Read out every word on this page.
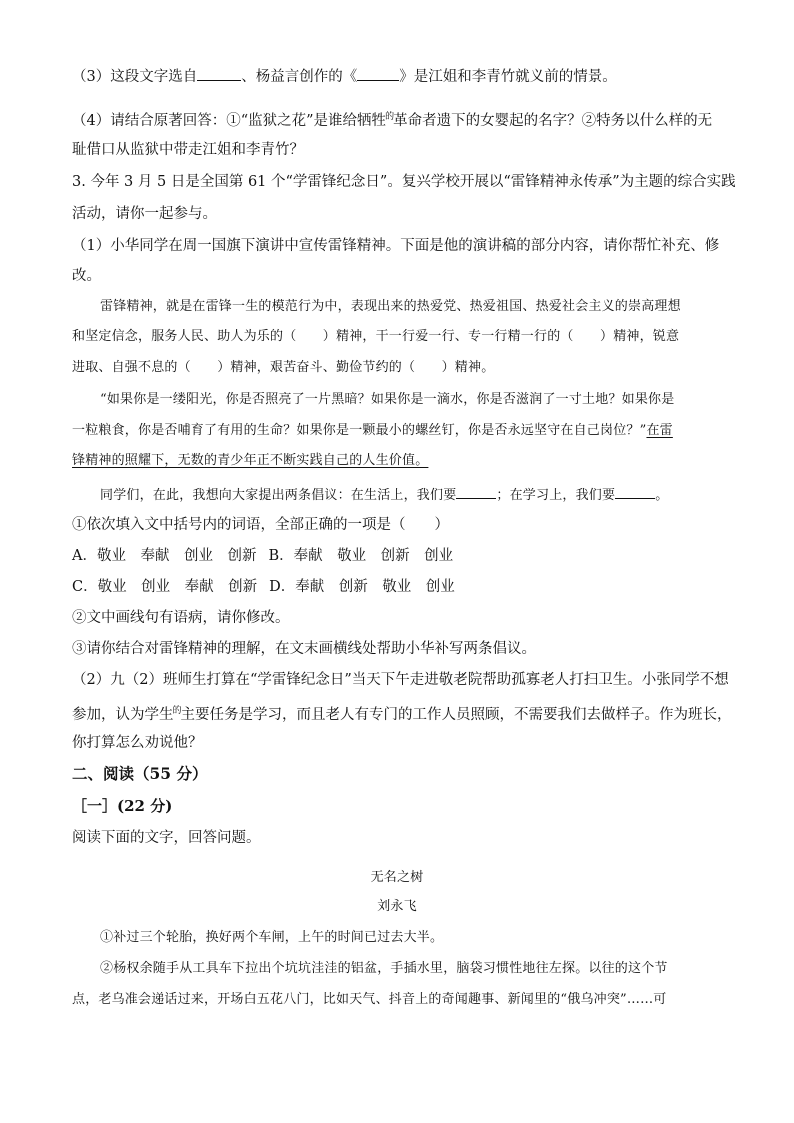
（3）这段文字选自	、杨益言创作的《	》是江姐和李青竹就义前的情景。
（4）请结合原著回答：①“监狱之花”是谁给牺牲$^的$革命者遗下的女婴起的名字？②特务以什么样的无
耻借口从监狱中带走江姐和李青竹？
3. 今年 3 月 5 日是全国第 61 个“学雷锋纪念日”。复兴学校开展以“雷锋精神永传承”为主题的综合实践
活动，请你一起参与。
（1）小华同学在周一国旗下演讲中宣传雷锋精神。下面是他的演讲稿的部分内容，请你帮忙补充、修
改。
雷锋精神，就是在雷锋一生的模范行为中，表现出来的热爱党、热爱祖国、热爱社会主义的崇高理想
和坚定信念，服务人民、助人为乐的（　　）精神，干一行爱一行、专一行精一行的（　　）精神，锐意
进取、自强不息的（　　）精神，艰苦奋斗、勤俭节约的（　　）精神。
“如果你是一缕阳光，你是否照亮了一片黑暗？如果你是一滴水，你是否滋润了一寸土地？如果你是
一粒粮食，你是否哺育了有用的生命？如果你是一颗最小的螺丝钉，你是否永远坚守在自己岗位？”在雷
锋精神的照耀下，无数的青少年正不断实践自己的人生价值。
同学们，在此，我想向大家提出两条倡议：在生活上，我们要	；在学习上，我们要	。
①依次填入文中括号内的词语，全部正确的一项是（　　）
A．敬业　奉献　创业　创新 B．奉献　敬业　创新　创业
C．敬业　创业　奉献　创新 D．奉献　创新　敬业　创业
②文中画线句有语病，请你修改。
③请你结合对雷锋精神的理解，在文末画横线处帮助小华补写两条倡议。
（2）九（2）班师生打算在“学雷锋纪念日”当天下午走进敬老院帮助孤寡老人打扫卫生。小张同学不想
参加，认为学生$^的$主要任务是学习，而且老人有专门的工作人员照顾，不需要我们去做样子。作为班长，
你打算怎么劝说他？
二、阅读（55 分）
［一］(22 分)
阅读下面的文字，回答问题。
无名之树
刘永飞
①补过三个轮胎，换好两个车闸，上午的时间已过去大半。
②杨权余随手从工具车下拉出个坑坑洼洼的铝盆，手插水里，脑袋习惯性地往左探。以往的这个节
点，老乌准会递话过来，开场白五花八门，比如天气、抖音上的奇闻趣事、新闻里的“俄乌冲突”……可
